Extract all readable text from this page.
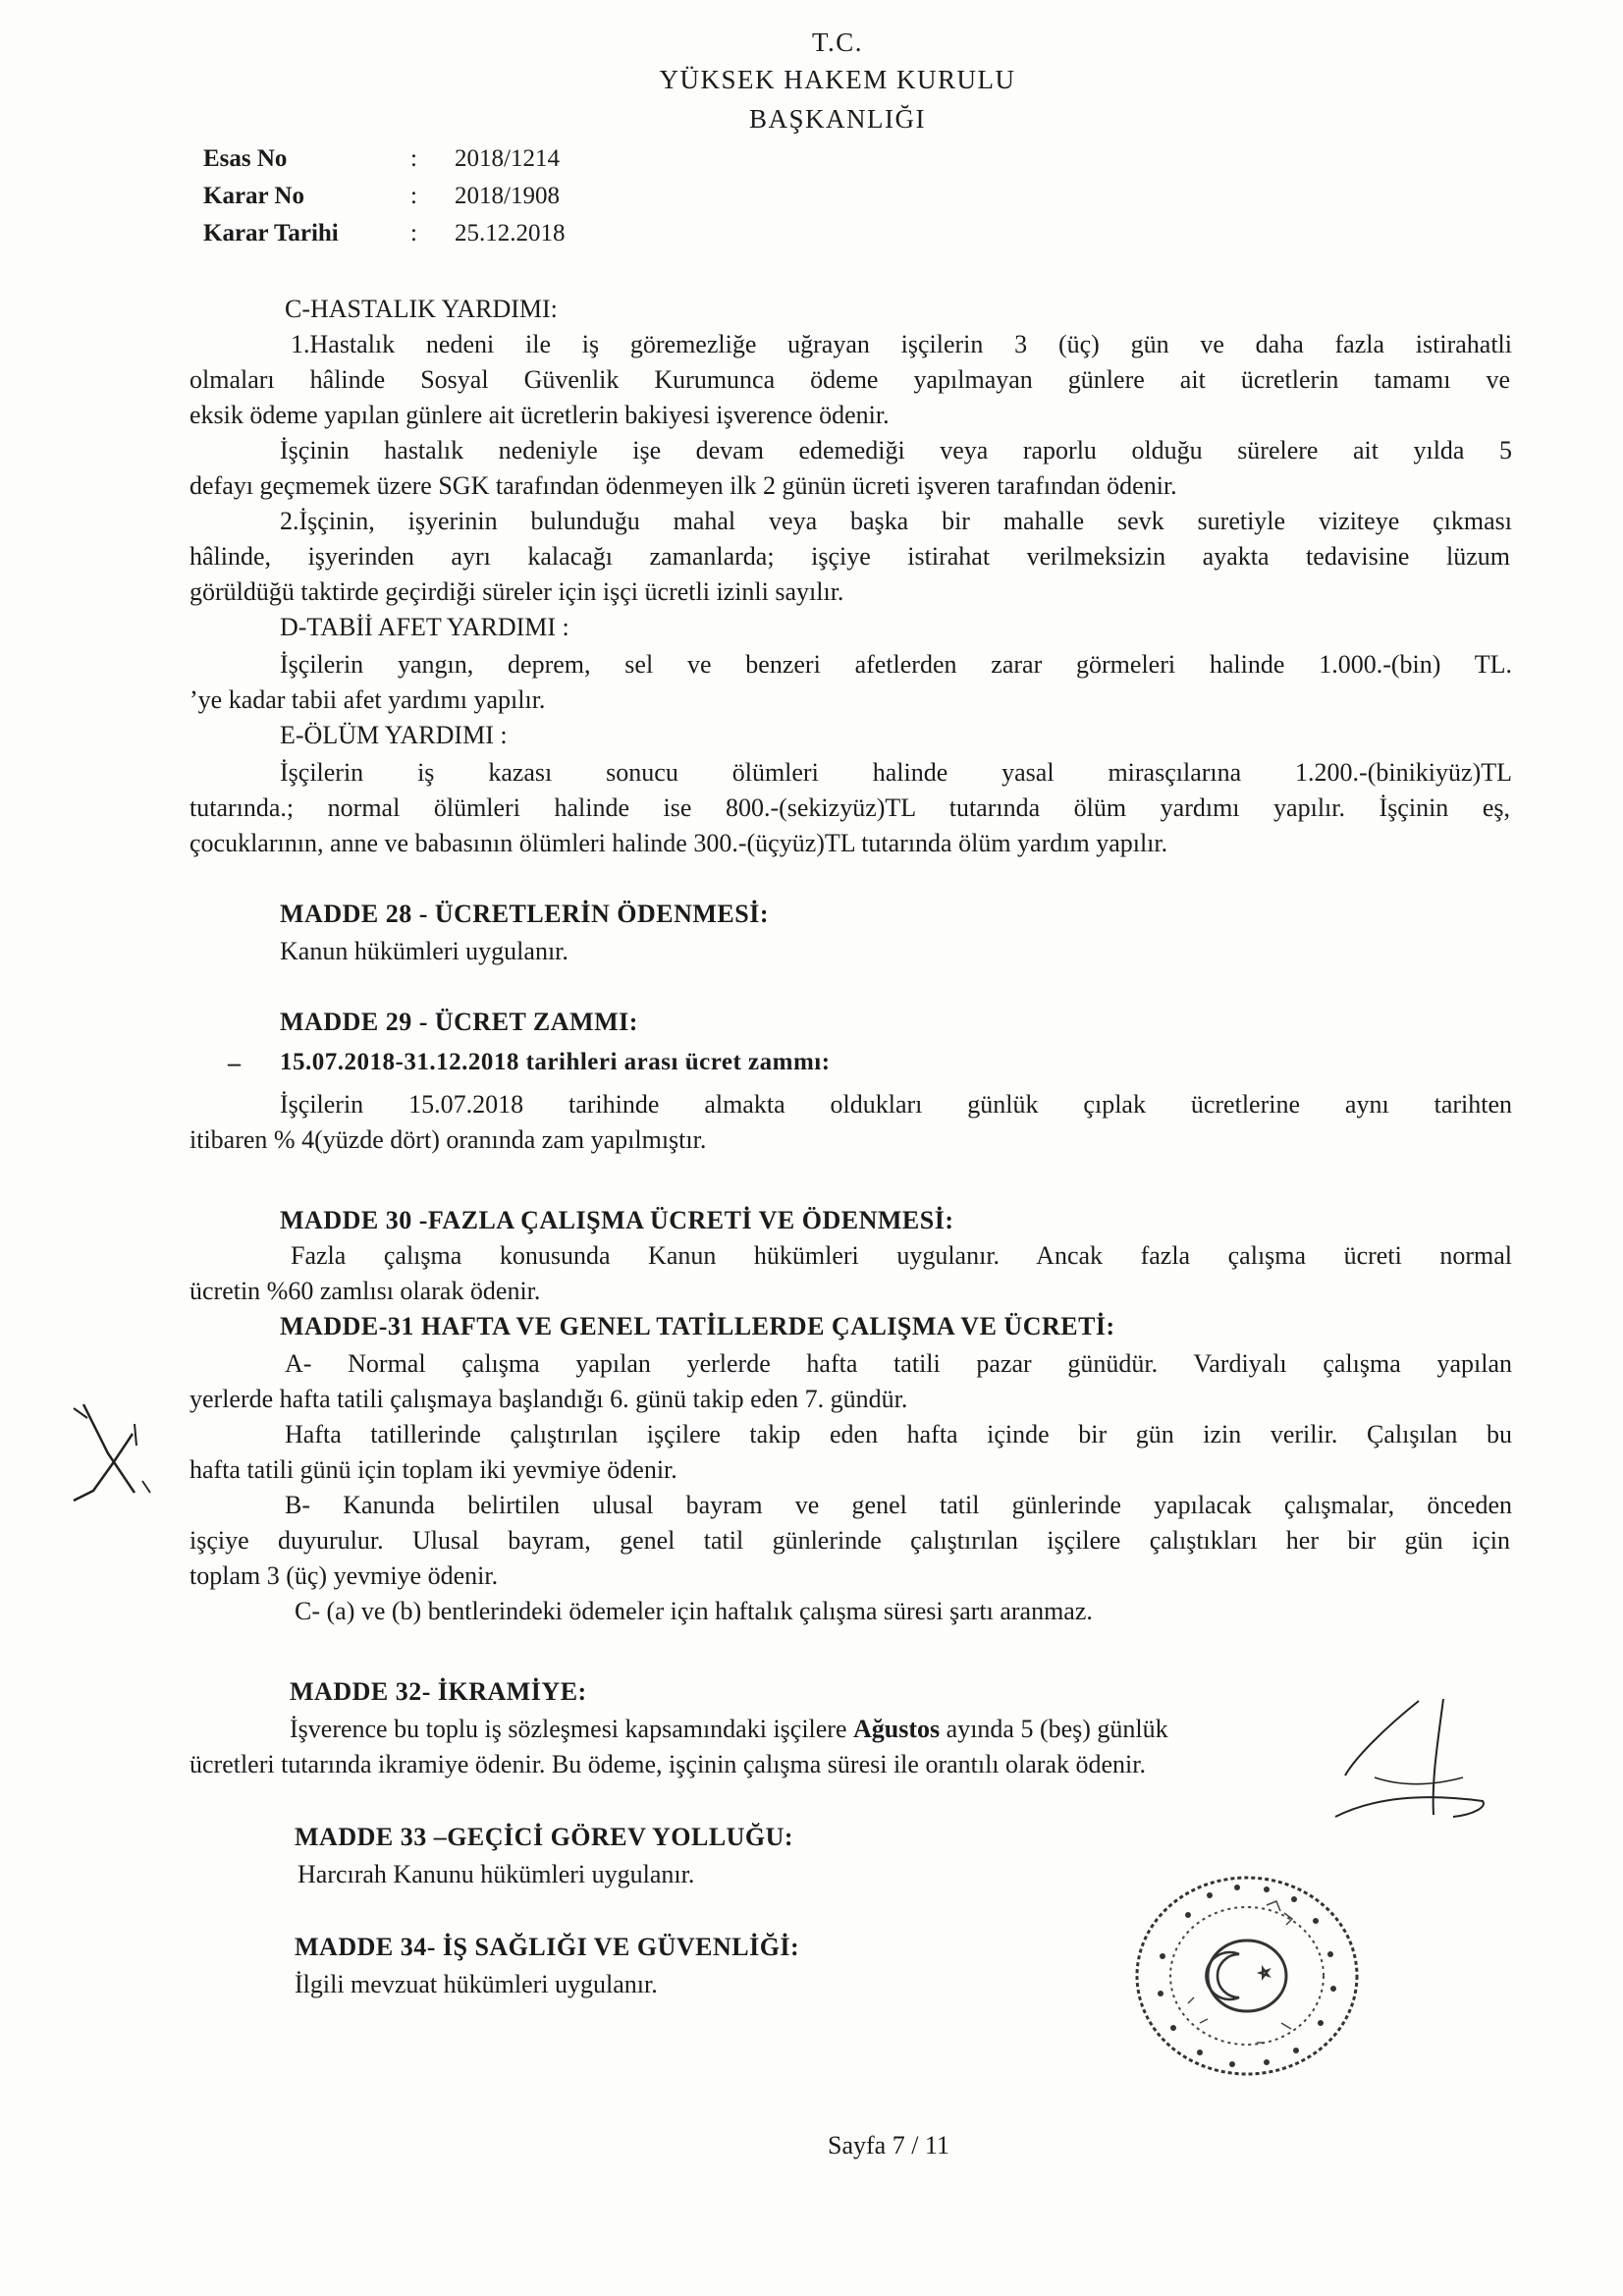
T.C.
YÜKSEK HAKEM KURULU
BAŞKANLIĞI
Esas No	: 2018/1214
Karar No	: 2018/1908
Karar Tarihi	: 25.12.2018
C-HASTALIK YARDIMI:
1.Hastalık nedeni ile iş göremezliğe uğrayan işçilerin 3 (üç) gün ve daha fazla istirahatli
olmaları hâlinde Sosyal Güvenlik Kurumunca ödeme yapılmayan günlere ait ücretlerin tamamı ve
eksik ödeme yapılan günlere ait ücretlerin bakiyesi işverence ödenir.
İşçinin hastalık nedeniyle işe devam edemediği veya raporlu olduğu sürelere ait yılda 5
defayı geçmemek üzere SGK tarafından ödenmeyen ilk 2 günün ücreti işveren tarafından ödenir.
2.İşçinin, işyerinin bulunduğu mahal veya başka bir mahalle sevk suretiyle viziteye çıkması
hâlinde, işyerinden ayrı kalacağı zamanlarda; işçiye istirahat verilmeksizin ayakta tedavisine lüzum
görüldüğü taktirde geçirdiği süreler için işçi ücretli izinli sayılır.
D-TABİİ AFET YARDIMI :
İşçilerin yangın, deprem, sel ve benzeri afetlerden zarar görmeleri halinde 1.000.-(bin) TL.
’ye kadar tabii afet yardımı yapılır.
E-ÖLÜM YARDIMI :
İşçilerin iş kazası sonucu ölümleri halinde yasal mirasçılarına 1.200.-(binikiyüz)TL
tutarında.; normal ölümleri halinde ise 800.-(sekizyüz)TL tutarında ölüm yardımı yapılır. İşçinin eş,
çocuklarının, anne ve babasının ölümleri halinde 300.-(üçyüz)TL tutarında ölüm yardım yapılır.
MADDE 28 - ÜCRETLERİN ÖDENMESİ:
Kanun hükümleri uygulanır.
MADDE 29 - ÜCRET ZAMMI:
– 15.07.2018-31.12.2018 tarihleri arası ücret zammı:
İşçilerin 15.07.2018 tarihinde almakta oldukları günlük çıplak ücretlerine aynı tarihten
itibaren % 4(yüzde dört) oranında zam yapılmıştır.
MADDE 30 -FAZLA ÇALIŞMA ÜCRETİ VE ÖDENMESİ:
Fazla çalışma konusunda Kanun hükümleri uygulanır. Ancak fazla çalışma ücreti normal
ücretin %60 zamlısı olarak ödenir.
MADDE-31 HAFTA VE GENEL TATİLLERDE ÇALIŞMA VE ÜCRETİ:
A- Normal çalışma yapılan yerlerde hafta tatili pazar günüdür. Vardiyalı çalışma yapılan
yerlerde hafta tatili çalışmaya başlandığı 6. günü takip eden 7. gündür.
Hafta tatillerinde çalıştırılan işçilere takip eden hafta içinde bir gün izin verilir. Çalışılan bu
hafta tatili günü için toplam iki yevmiye ödenir.
B- Kanunda belirtilen ulusal bayram ve genel tatil günlerinde yapılacak çalışmalar, önceden
işçiye duyurulur. Ulusal bayram, genel tatil günlerinde çalıştırılan işçilere çalıştıkları her bir gün için
toplam 3 (üç) yevmiye ödenir.
C- (a) ve (b) bentlerindeki ödemeler için haftalık çalışma süresi şartı aranmaz.
MADDE 32- İKRAMİYE:
İşverence bu toplu iş sözleşmesi kapsamındaki işçilere Ağustos ayında 5 (beş) günlük
ücretleri tutarında ikramiye ödenir. Bu ödeme, işçinin çalışma süresi ile orantılı olarak ödenir.
MADDE 33 –GEÇİCİ GÖREV YOLLUĞU:
Harcırah Kanunu hükümleri uygulanır.
MADDE 34- İŞ SAĞLIĞI VE GÜVENLİĞİ:
İlgili mevzuat hükümleri uygulanır.
Sayfa 7 / 11
